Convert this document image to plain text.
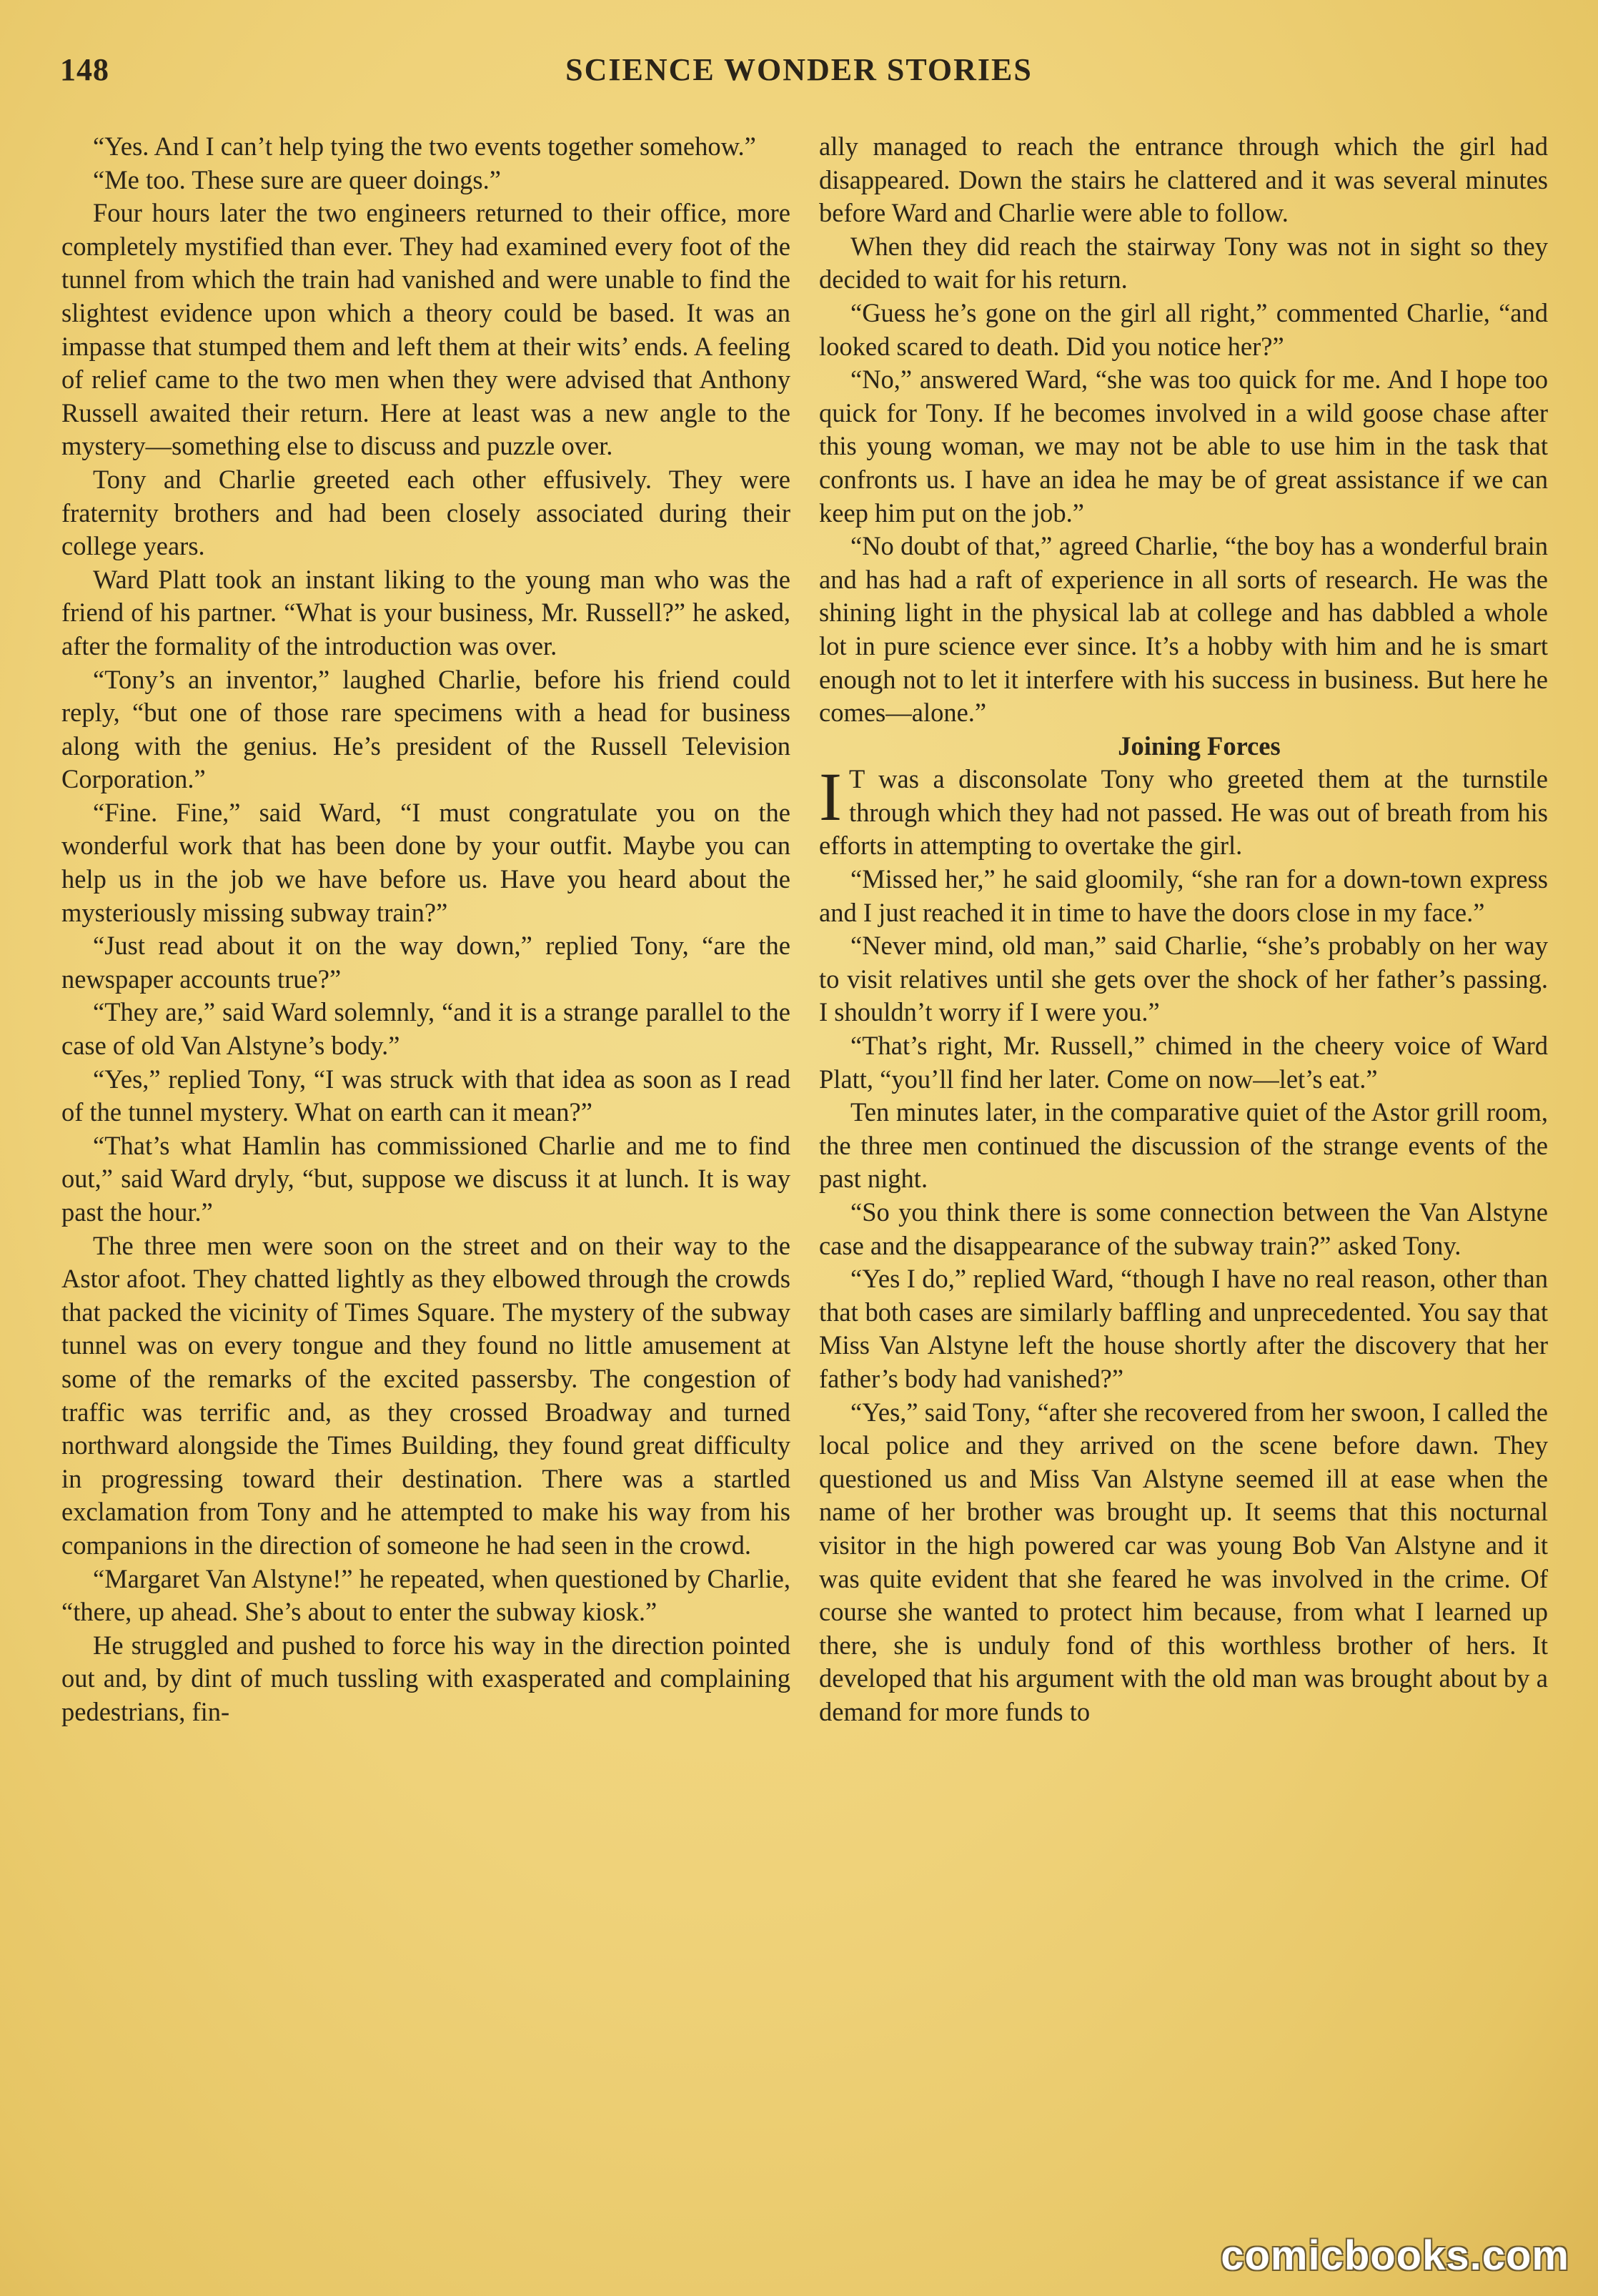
148	SCIENCE WONDER STORIES

“Yes. And I can’t help tying the two events together somehow.”

“Me too. These sure are queer doings.”

Four hours later the two engineers returned to their office, more completely mystified than ever. They had examined every foot of the tunnel from which the train had vanished and were unable to find the slightest evidence upon which a theory could be based. It was an impasse that stumped them and left them at their wits’ ends. A feeling of relief came to the two men when they were advised that Anthony Russell awaited their return. Here at least was a new angle to the mystery—something else to discuss and puzzle over.

Tony and Charlie greeted each other effusively. They were fraternity brothers and had been closely associated during their college years.

Ward Platt took an instant liking to the young man who was the friend of his partner. “What is your business, Mr. Russell?” he asked, after the formality of the introduction was over.

“Tony’s an inventor,” laughed Charlie, before his friend could reply, “but one of those rare specimens with a head for business along with the genius. He’s president of the Russell Television Corporation.”

“Fine. Fine,” said Ward, “I must congratulate you on the wonderful work that has been done by your outfit. Maybe you can help us in the job we have before us. Have you heard about the mysteriously missing subway train?”

“Just read about it on the way down,” replied Tony, “are the newspaper accounts true?”

“They are,” said Ward solemnly, “and it is a strange parallel to the case of old Van Alstyne’s body.”

“Yes,” replied Tony, “I was struck with that idea as soon as I read of the tunnel mystery. What on earth can it mean?”

“That’s what Hamlin has commissioned Charlie and me to find out,” said Ward dryly, “but, suppose we discuss it at lunch. It is way past the hour.”

The three men were soon on the street and on their way to the Astor afoot. They chatted lightly as they elbowed through the crowds that packed the vicinity of Times Square. The mystery of the subway tunnel was on every tongue and they found no little amusement at some of the remarks of the excited passersby. The congestion of traffic was terrific and, as they crossed Broadway and turned northward alongside the Times Building, they found great difficulty in progressing toward their destination. There was a startled exclamation from Tony and he attempted to make his way from his companions in the direction of someone he had seen in the crowd.

“Margaret Van Alstyne!” he repeated, when questioned by Charlie, “there, up ahead. She’s about to enter the subway kiosk.”

He struggled and pushed to force his way in the direction pointed out and, by dint of much tussling with exasperated and complaining pedestrians, fin-

ally managed to reach the entrance through which the girl had disappeared. Down the stairs he clattered and it was several minutes before Ward and Charlie were able to follow.

When they did reach the stairway Tony was not in sight so they decided to wait for his return.

“Guess he’s gone on the girl all right,” commented Charlie, “and looked scared to death. Did you notice her?”

“No,” answered Ward, “she was too quick for me. And I hope too quick for Tony. If he becomes involved in a wild goose chase after this young woman, we may not be able to use him in the task that confronts us. I have an idea he may be of great assistance if we can keep him put on the job.”

“No doubt of that,” agreed Charlie, “the boy has a wonderful brain and has had a raft of experience in all sorts of research. He was the shining light in the physical lab at college and has dabbled a whole lot in pure science ever since. It’s a hobby with him and he is smart enough not to let it interfere with his success in business. But here he comes—alone.”

Joining Forces

I T was a disconsolate Tony who greeted them at the turnstile through which they had not passed. He was out of breath from his efforts in attempting to overtake the girl.

“Missed her,” he said gloomily, “she ran for a down-town express and I just reached it in time to have the doors close in my face.”

“Never mind, old man,” said Charlie, “she’s probably on her way to visit relatives until she gets over the shock of her father’s passing. I shouldn’t worry if I were you.”

“That’s right, Mr. Russell,” chimed in the cheery voice of Ward Platt, “you’ll find her later. Come on now—let’s eat.”

Ten minutes later, in the comparative quiet of the Astor grill room, the three men continued the discussion of the strange events of the past night.

“So you think there is some connection between the Van Alstyne case and the disappearance of the subway train?” asked Tony.

“Yes I do,” replied Ward, “though I have no real reason, other than that both cases are similarly baffling and unprecedented. You say that Miss Van Alstyne left the house shortly after the discovery that her father’s body had vanished?”

“Yes,” said Tony, “after she recovered from her swoon, I called the local police and they arrived on the scene before dawn. They questioned us and Miss Van Alstyne seemed ill at ease when the name of her brother was brought up. It seems that this nocturnal visitor in the high powered car was young Bob Van Alstyne and it was quite evident that she feared he was involved in the crime. Of course she wanted to protect him because, from what I learned up there, she is unduly fond of this worthless brother of hers. It developed that his argument with the old man was brought about by a demand for more funds to

comicbooks.com
